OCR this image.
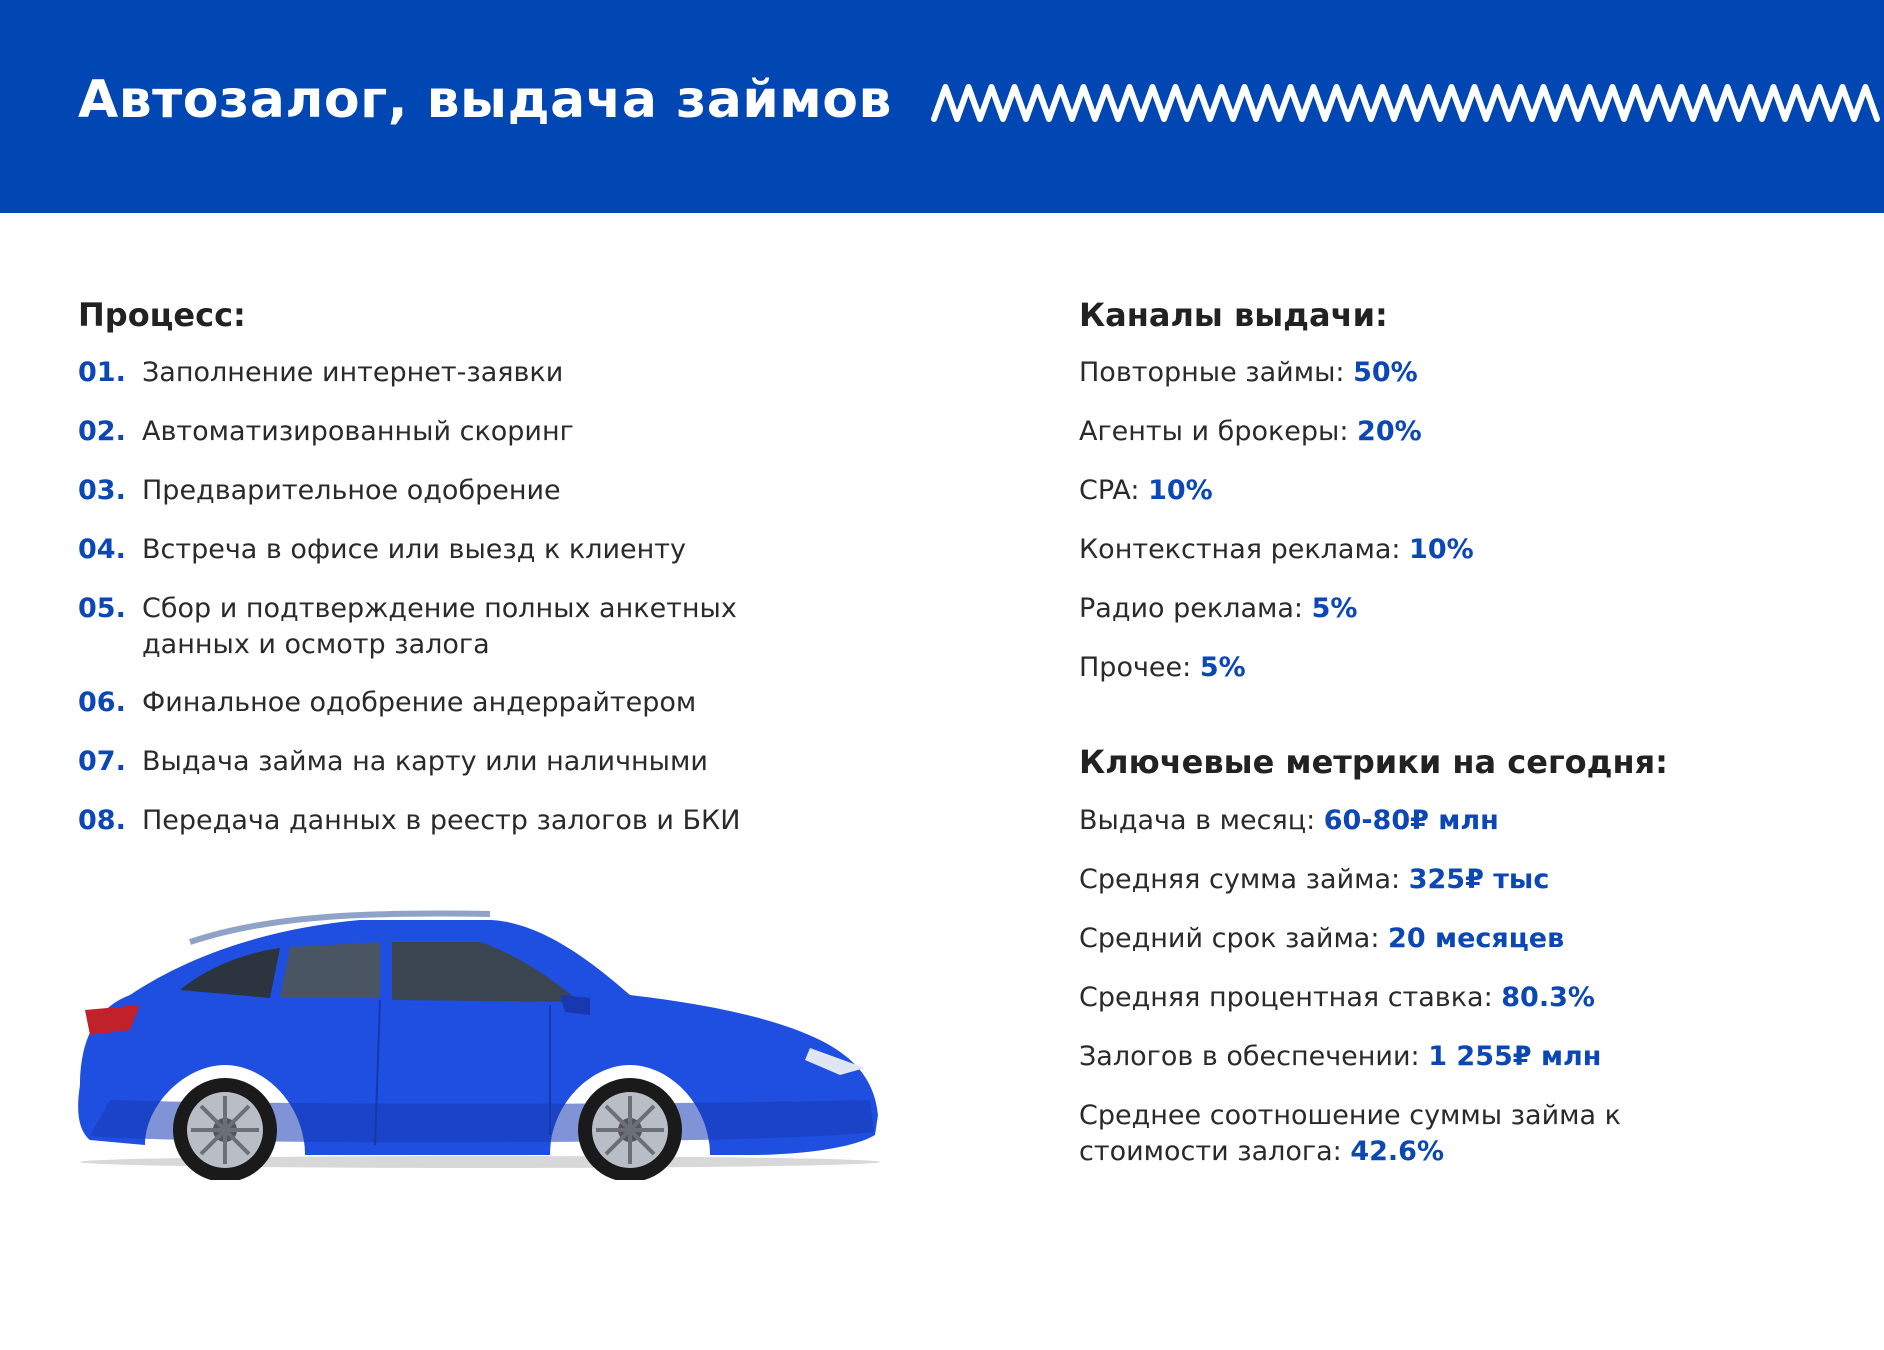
Автозалог, выдача займов
Процесс:
01. Заполнение интернет-заявки
02. Автоматизированный скоринг
03. Предварительное одобрение
04. Встреча в офисе или выезд к клиенту
05. Сбор и подтверждение полных анкетных данных и осмотр залога
06. Финальное одобрение андеррайтером
07. Выдача займа на карту или наличными
08. Передача данных в реестр залогов и БКИ
Каналы выдачи:
Повторные займы: 50%
Агенты и брокеры: 20%
CPA: 10%
Контекстная реклама: 10%
Радио реклама: 5%
Прочее: 5%
Ключевые метрики на сегодня:
Выдача в месяц: 60-80₽ млн
Средняя сумма займа: 325₽ тыс
Средний срок займа: 20 месяцев
Средняя процентная ставка: 80.3%
Залогов в обеспечении: 1 255₽ млн
Среднее соотношение суммы займа к стоимости залога: 42.6%
